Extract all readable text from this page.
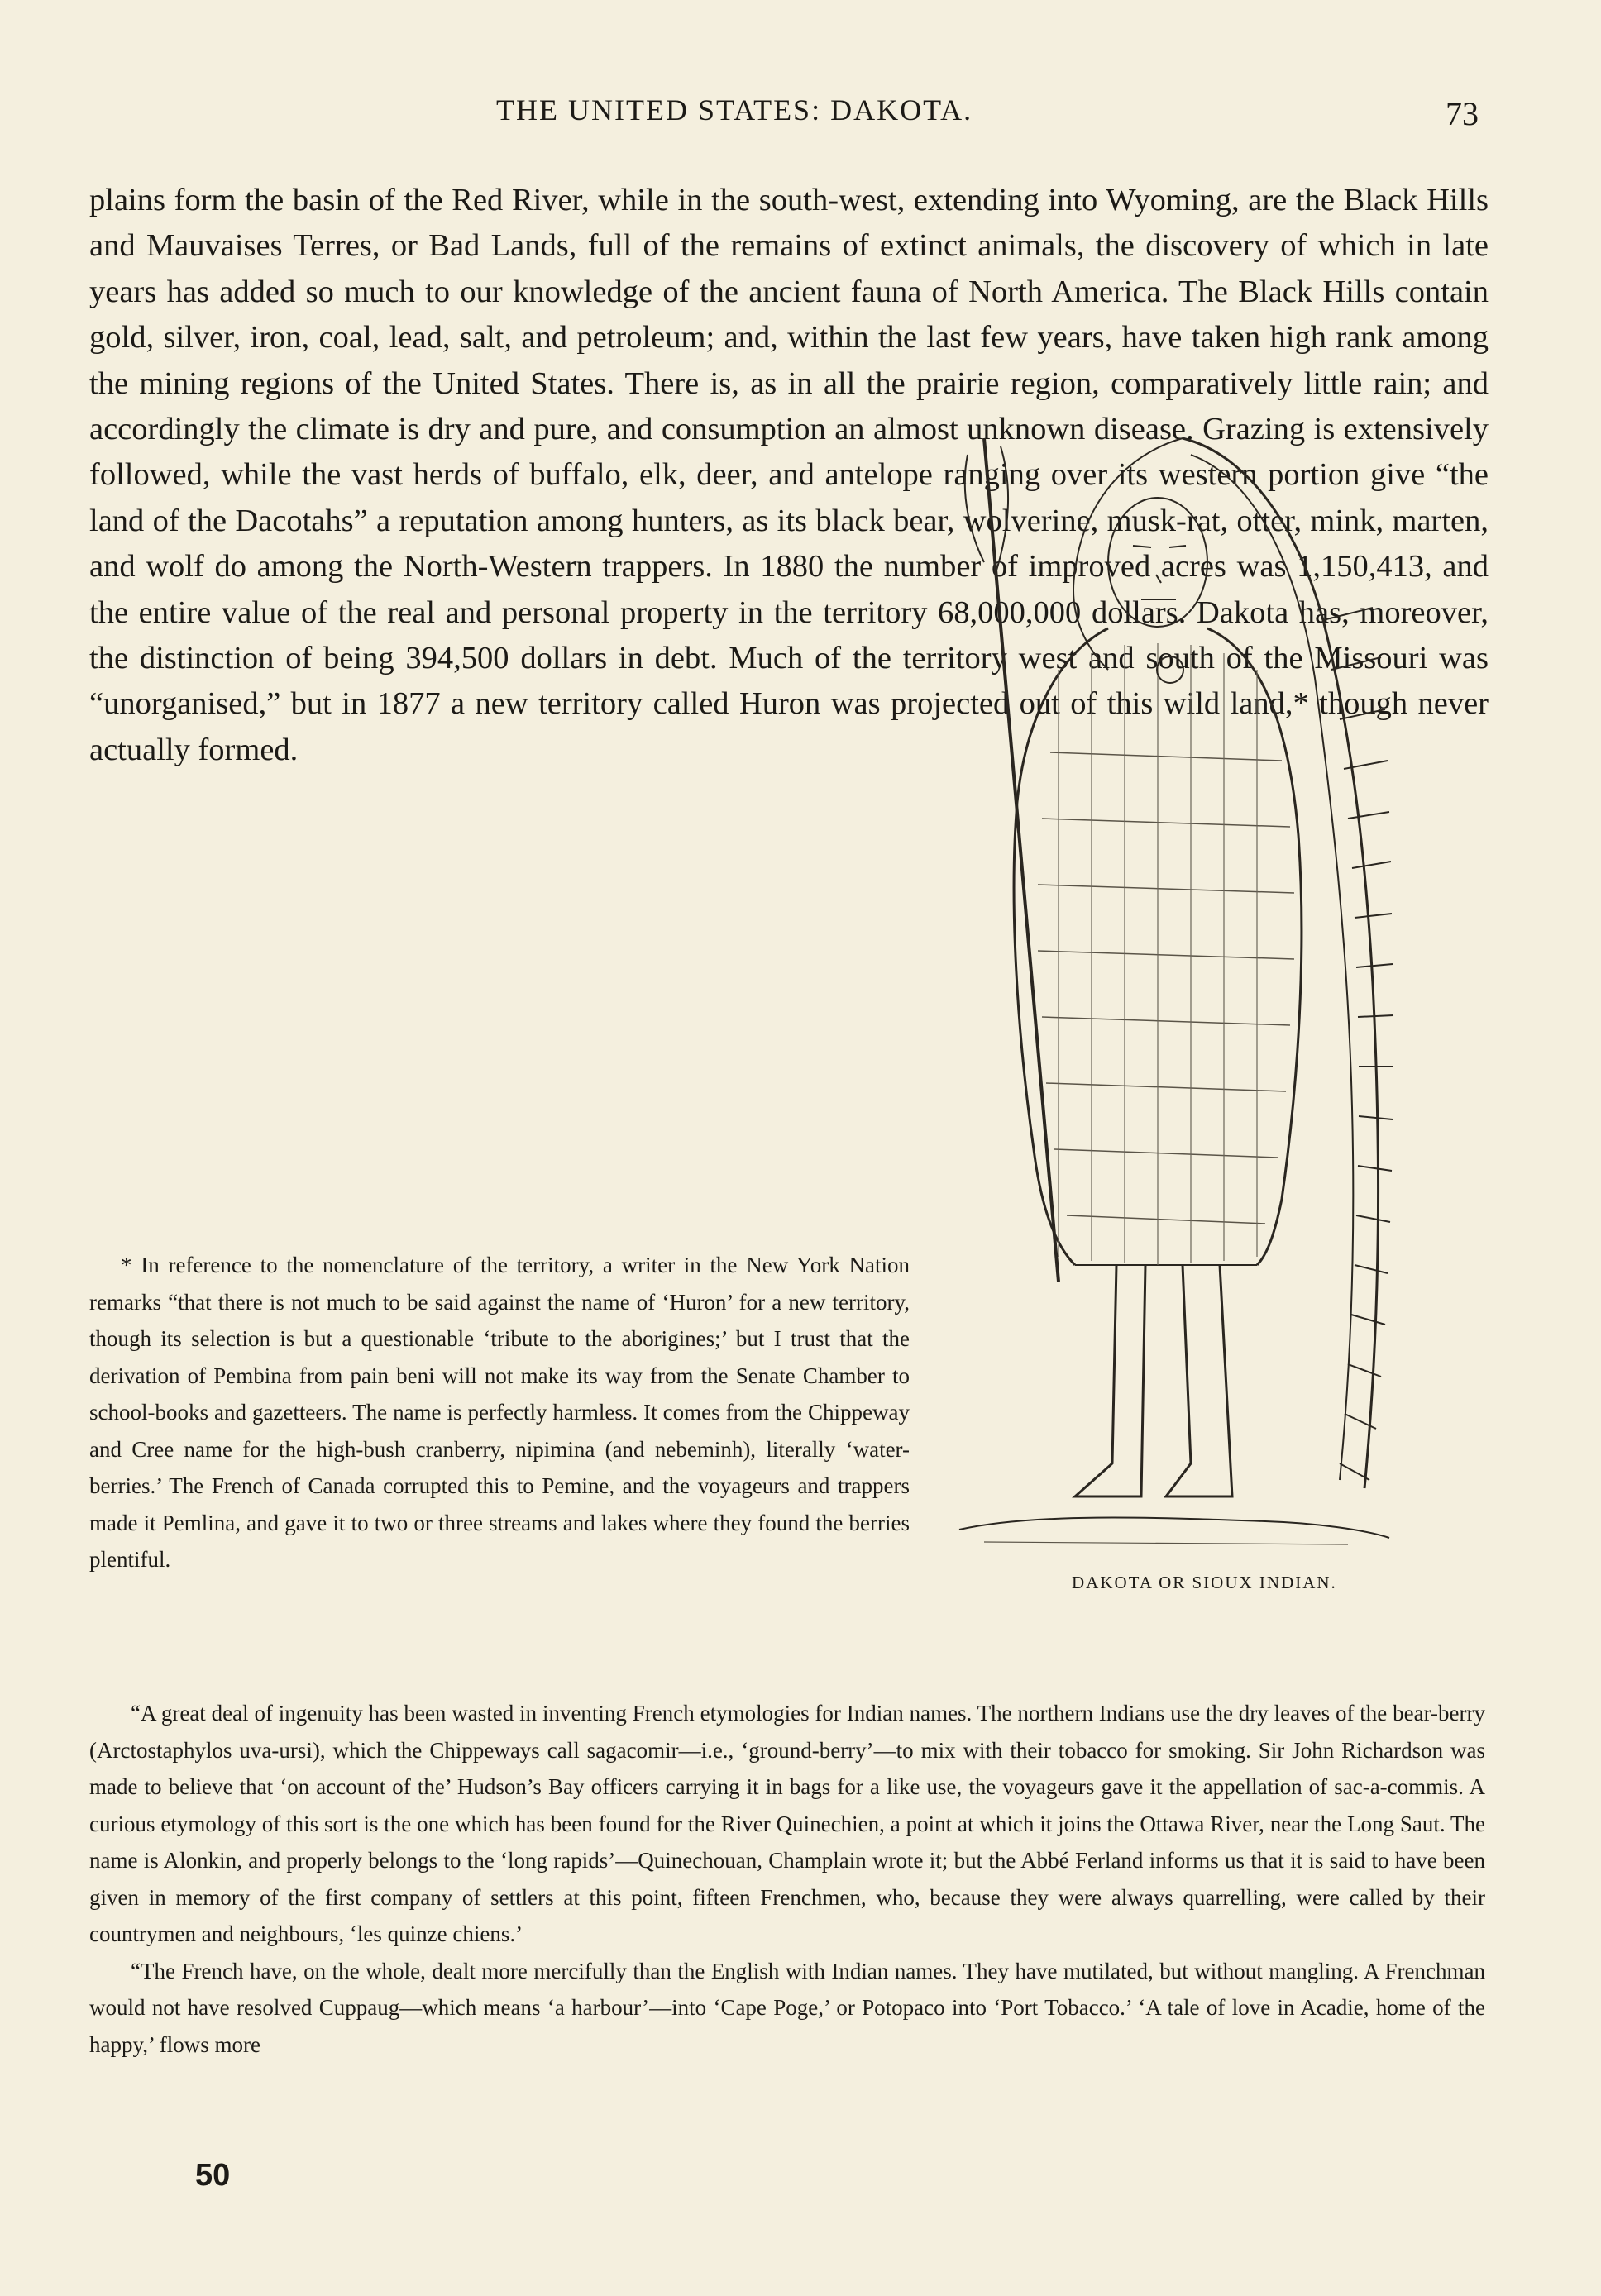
THE UNITED STATES: DAKOTA.	73

plains form the basin of the Red River, while in the south-west, extending into Wyoming, are the Black Hills and Mauvaises Terres, or Bad Lands, full of the remains of extinct animals, the discovery of which in late years has added so much to our knowledge of the ancient fauna of North America. The Black Hills contain gold, silver, iron, coal, lead, salt, and petroleum; and, within the last few years, have taken high rank among the mining regions of the United States. There is, as in all the prairie region, comparatively little rain; and accordingly the climate is dry and pure, and consumption an almost unknown disease. Grazing is extensively followed, while the vast herds of buffalo, elk, deer, and antelope ranging over its western portion give “the land of the Dacotahs” a reputation among hunters, as its black bear, wolverine, musk-rat, otter, mink, marten, and wolf do among the North-Western trappers. In 1880 the number of improved acres was 1,150,413, and the entire value of the real and personal property in the territory 68,000,000 dollars. Dakota has, moreover, the distinction of being 394,500 dollars in debt. Much of the territory west and south of the Missouri was “unorganised,” but in 1877 a new territory called Huron was projected out of this wild land,* though never actually formed.

* In reference to the nomenclature of the territory, a writer in the New York Nation remarks “that there is not much to be said against the name of ‘Huron’ for a new territory, though its selection is but a questionable ‘tribute to the aborigines;’ but I trust that the derivation of Pembina from pain beni will not make its way from the Senate Chamber to school-books and gazetteers. The name is perfectly harmless. It comes from the Chippeway and Cree name for the high-bush cranberry, nipimina (and nebeminh), literally ‘water-berries.’ The French of Canada corrupted this to Pemine, and the voyageurs and trappers made it Pemlina, and gave it to two or three streams and lakes where they found the berries plentiful.

“A great deal of ingenuity has been wasted in inventing French etymologies for Indian names. The northern Indians use the dry leaves of the bear-berry (Arctostaphylos uva-ursi), which the Chippeways call sagacomir—i.e., ‘ground-berry’—to mix with their tobacco for smoking. Sir John Richardson was made to believe that ‘on account of the’ Hudson’s Bay officers carrying it in bags for a like use, the voyageurs gave it the appellation of sac-a-commis. A curious etymology of this sort is the one which has been found for the River Quinechien, a point at which it joins the Ottawa River, near the Long Saut. The name is Alonkin, and properly belongs to the ‘long rapids’—Quinechouan, Champlain wrote it; but the Abbé Ferland informs us that it is said to have been given in memory of the first company of settlers at this point, fifteen Frenchmen, who, because they were always quarrelling, were called by their countrymen and neighbours, ‘les quinze chiens.’

“The French have, on the whole, dealt more mercifully than the English with Indian names. They have mutilated, but without mangling. A Frenchman would not have resolved Cuppaug—which means ‘a harbour’—into ‘Cape Poge,’ or Potopaco into ‘Port Tobacco.’ ‘A tale of love in Acadie, home of the happy,’ flows more

DAKOTA OR SIOUX INDIAN.
50
